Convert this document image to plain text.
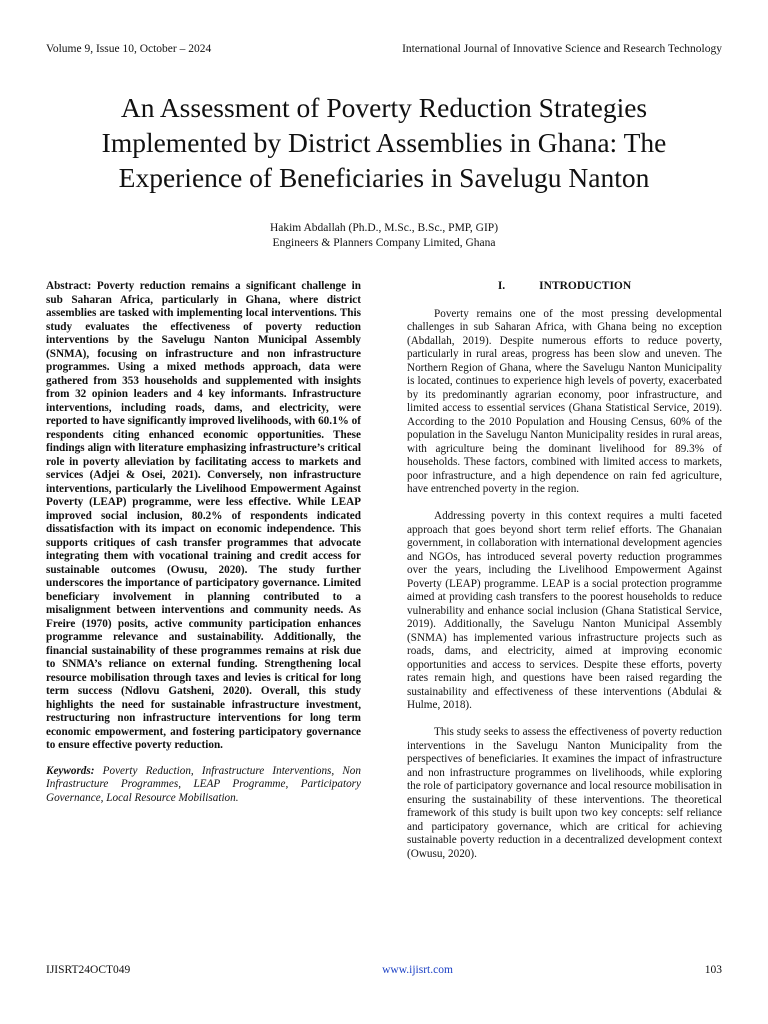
Volume 9, Issue 10, October – 2024	International Journal of Innovative Science and Research Technology
An Assessment of Poverty Reduction Strategies
Implemented by District Assemblies in Ghana: The
Experience of Beneficiaries in Savelugu Nanton
Hakim Abdallah (Ph.D., M.Sc., B.Sc., PMP, GIP)
Engineers & Planners Company Limited, Ghana

Abstract: Poverty reduction remains a significant challenge in sub Saharan Africa, particularly in Ghana, where district assemblies are tasked with implementing local interventions. This study evaluates the effectiveness of poverty reduction interventions by the Savelugu Nanton Municipal Assembly (SNMA), focusing on infrastructure and non infrastructure programmes. Using a mixed methods approach, data were gathered from 353 households and supplemented with insights from 32 opinion leaders and 4 key informants. Infrastructure interventions, including roads, dams, and electricity, were reported to have significantly improved livelihoods, with 60.1% of respondents citing enhanced economic opportunities. These findings align with literature emphasizing infrastructure’s critical role in poverty alleviation by facilitating access to markets and services (Adjei & Osei, 2021). Conversely, non infrastructure interventions, particularly the Livelihood Empowerment Against Poverty (LEAP) programme, were less effective. While LEAP improved social inclusion, 80.2% of respondents indicated dissatisfaction with its impact on economic independence. This supports critiques of cash transfer programmes that advocate integrating them with vocational training and credit access for sustainable outcomes (Owusu, 2020). The study further underscores the importance of participatory governance. Limited beneficiary involvement in planning contributed to a misalignment between interventions and community needs. As Freire (1970) posits, active community participation enhances programme relevance and sustainability. Additionally, the financial sustainability of these programmes remains at risk due to SNMA’s reliance on external funding. Strengthening local resource mobilisation through taxes and levies is critical for long term success (Ndlovu Gatsheni, 2020). Overall, this study highlights the need for sustainable infrastructure investment, restructuring non infrastructure interventions for long term economic empowerment, and fostering participatory governance to ensure effective poverty reduction.

Keywords: Poverty Reduction, Infrastructure Interventions, Non Infrastructure Programmes, LEAP Programme, Participatory Governance, Local Resource Mobilisation.

I.	INTRODUCTION

Poverty remains one of the most pressing developmental challenges in sub Saharan Africa, with Ghana being no exception (Abdallah, 2019). Despite numerous efforts to reduce poverty, particularly in rural areas, progress has been slow and uneven. The Northern Region of Ghana, where the Savelugu Nanton Municipality is located, continues to experience high levels of poverty, exacerbated by its predominantly agrarian economy, poor infrastructure, and limited access to essential services (Ghana Statistical Service, 2019). According to the 2010 Population and Housing Census, 60% of the population in the Savelugu Nanton Municipality resides in rural areas, with agriculture being the dominant livelihood for 89.3% of households. These factors, combined with limited access to markets, poor infrastructure, and a high dependence on rain fed agriculture, have entrenched poverty in the region.

Addressing poverty in this context requires a multi faceted approach that goes beyond short term relief efforts. The Ghanaian government, in collaboration with international development agencies and NGOs, has introduced several poverty reduction programmes over the years, including the Livelihood Empowerment Against Poverty (LEAP) programme. LEAP is a social protection programme aimed at providing cash transfers to the poorest households to reduce vulnerability and enhance social inclusion (Ghana Statistical Service, 2019). Additionally, the Savelugu Nanton Municipal Assembly (SNMA) has implemented various infrastructure projects such as roads, dams, and electricity, aimed at improving economic opportunities and access to services. Despite these efforts, poverty rates remain high, and questions have been raised regarding the sustainability and effectiveness of these interventions (Abdulai & Hulme, 2018).

This study seeks to assess the effectiveness of poverty reduction interventions in the Savelugu Nanton Municipality from the perspectives of beneficiaries. It examines the impact of infrastructure and non infrastructure programmes on livelihoods, while exploring the role of participatory governance and local resource mobilisation in ensuring the sustainability of these interventions. The theoretical framework of this study is built upon two key concepts: self reliance and participatory governance, which are critical for achieving sustainable poverty reduction in a decentralized development context (Owusu, 2020).

IJISRT24OCT049	www.ijisrt.com	103
